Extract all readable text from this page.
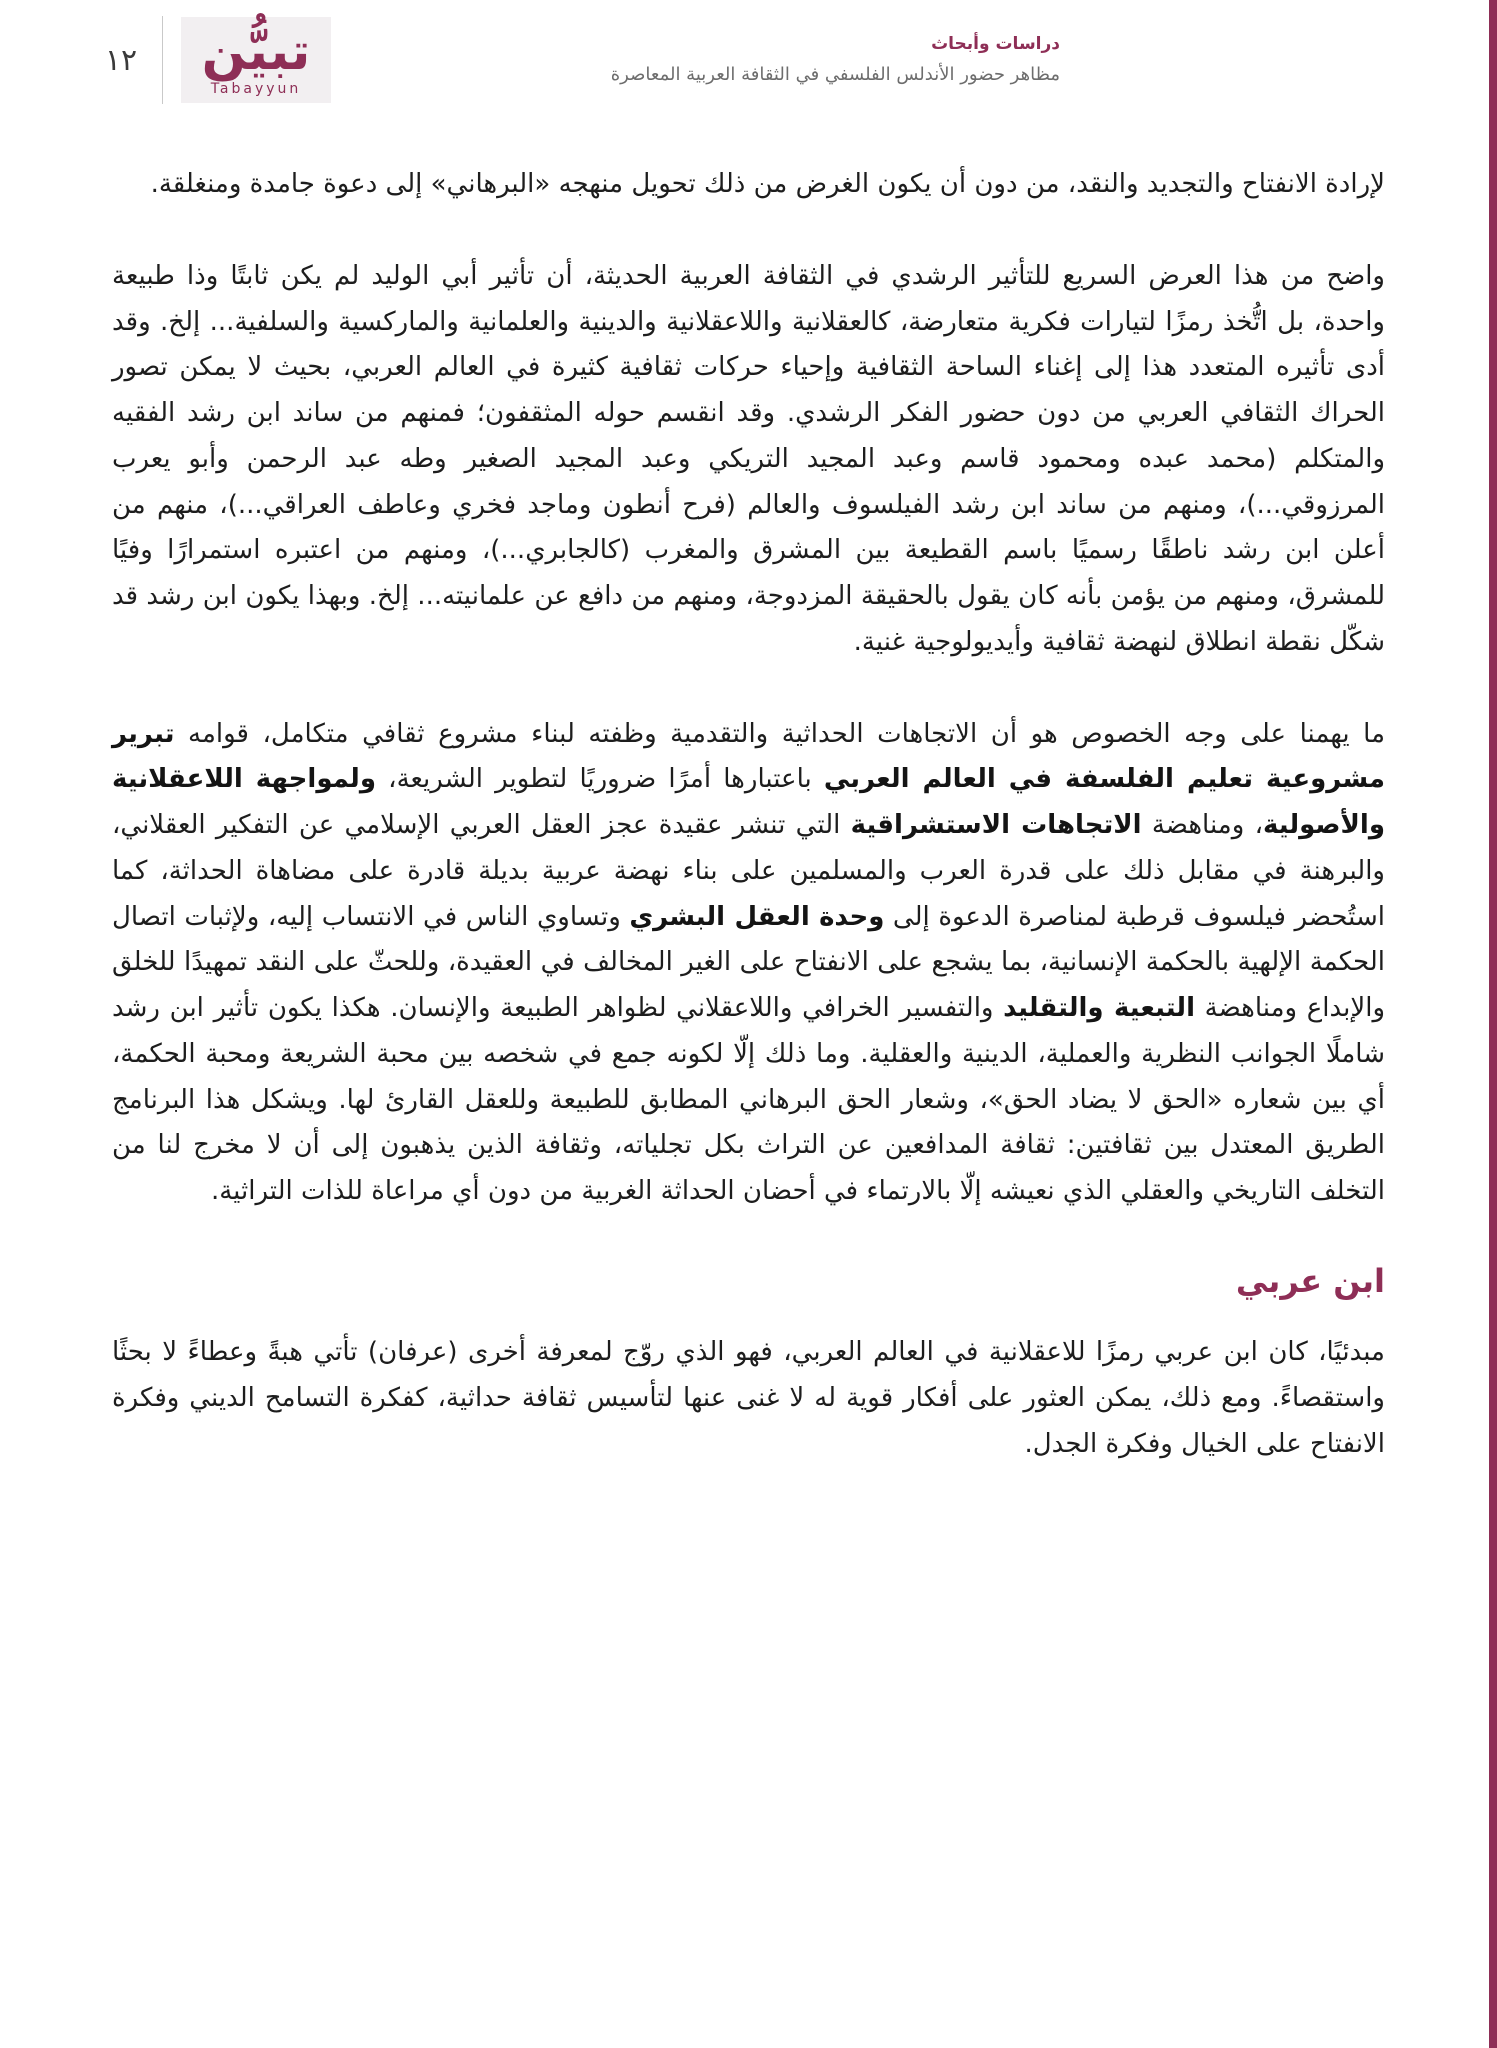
١٢ تبيُّن
Tabayyun
دراسات وأبحاث
مظاهر حضور الأندلس الفلسفي في الثقافة العربية المعاصرة

لإرادة الانفتاح والتجديد والنقد، من دون أن يكون الغرض من ذلك تحويل منهجه «البرهاني» إلى دعوة جامدة ومنغلقة.

واضح من هذا العرض السريع للتأثير الرشدي في الثقافة العربية الحديثة، أن تأثير أبي الوليد لم يكن ثابتًا وذا طبيعة واحدة، بل اتُّخذ رمزًا لتيارات فكرية متعارضة، كالعقلانية واللاعقلانية والدينية والعلمانية والماركسية والسلفية... إلخ. وقد أدى تأثيره المتعدد هذا إلى إغناء الساحة الثقافية وإحياء حركات ثقافية كثيرة في العالم العربي، بحيث لا يمكن تصور الحراك الثقافي العربي من دون حضور الفكر الرشدي. وقد انقسم حوله المثقفون؛ فمنهم من ساند ابن رشد الفقيه والمتكلم (محمد عبده ومحمود قاسم وعبد المجيد التريكي وعبد المجيد الصغير وطه عبد الرحمن وأبو يعرب المرزوقي...)، ومنهم من ساند ابن رشد الفيلسوف والعالم (فرح أنطون وماجد فخري وعاطف العراقي...)، منهم من أعلن ابن رشد ناطقًا رسميًا باسم القطيعة بين المشرق والمغرب (كالجابري...)، ومنهم من اعتبره استمرارًا وفيًا للمشرق، ومنهم من يؤمن بأنه كان يقول بالحقيقة المزدوجة، ومنهم من دافع عن علمانيته... إلخ. وبهذا يكون ابن رشد قد شكّل نقطة انطلاق لنهضة ثقافية وأيديولوجية غنية.

ما يهمنا على وجه الخصوص هو أن الاتجاهات الحداثية والتقدمية وظفته لبناء مشروع ثقافي متكامل، قوامه تبرير مشروعية تعليم الفلسفة في العالم العربي باعتبارها أمرًا ضروريًا لتطوير الشريعة، ولمواجهة اللاعقلانية والأصولية، ومناهضة الاتجاهات الاستشراقية التي تنشر عقيدة عجز العقل العربي الإسلامي عن التفكير العقلاني، والبرهنة في مقابل ذلك على قدرة العرب والمسلمين على بناء نهضة عربية بديلة قادرة على مضاهاة الحداثة، كما استُحضر فيلسوف قرطبة لمناصرة الدعوة إلى وحدة العقل البشري وتساوي الناس في الانتساب إليه، ولإثبات اتصال الحكمة الإلهية بالحكمة الإنسانية، بما يشجع على الانفتاح على الغير المخالف في العقيدة، وللحثّ على النقد تمهيدًا للخلق والإبداع ومناهضة التبعية والتقليد والتفسير الخرافي واللاعقلاني لظواهر الطبيعة والإنسان. هكذا يكون تأثير ابن رشد شاملًا الجوانب النظرية والعملية، الدينية والعقلية. وما ذلك إلّا لكونه جمع في شخصه بين محبة الشريعة ومحبة الحكمة، أي بين شعاره «الحق لا يضاد الحق»، وشعار الحق البرهاني المطابق للطبيعة وللعقل القارئ لها. ويشكل هذا البرنامج الطريق المعتدل بين ثقافتين: ثقافة المدافعين عن التراث بكل تجلياته، وثقافة الذين يذهبون إلى أن لا مخرج لنا من التخلف التاريخي والعقلي الذي نعيشه إلّا بالارتماء في أحضان الحداثة الغربية من دون أي مراعاة للذات التراثية.

ابن عربي

مبدئيًا، كان ابن عربي رمزًا للاعقلانية في العالم العربي، فهو الذي روّج لمعرفة أخرى (عرفان) تأتي هبةً وعطاءً لا بحثًا واستقصاءً. ومع ذلك، يمكن العثور على أفكار قوية له لا غنى عنها لتأسيس ثقافة حداثية، كفكرة التسامح الديني وفكرة الانفتاح على الخيال وفكرة الجدل.
